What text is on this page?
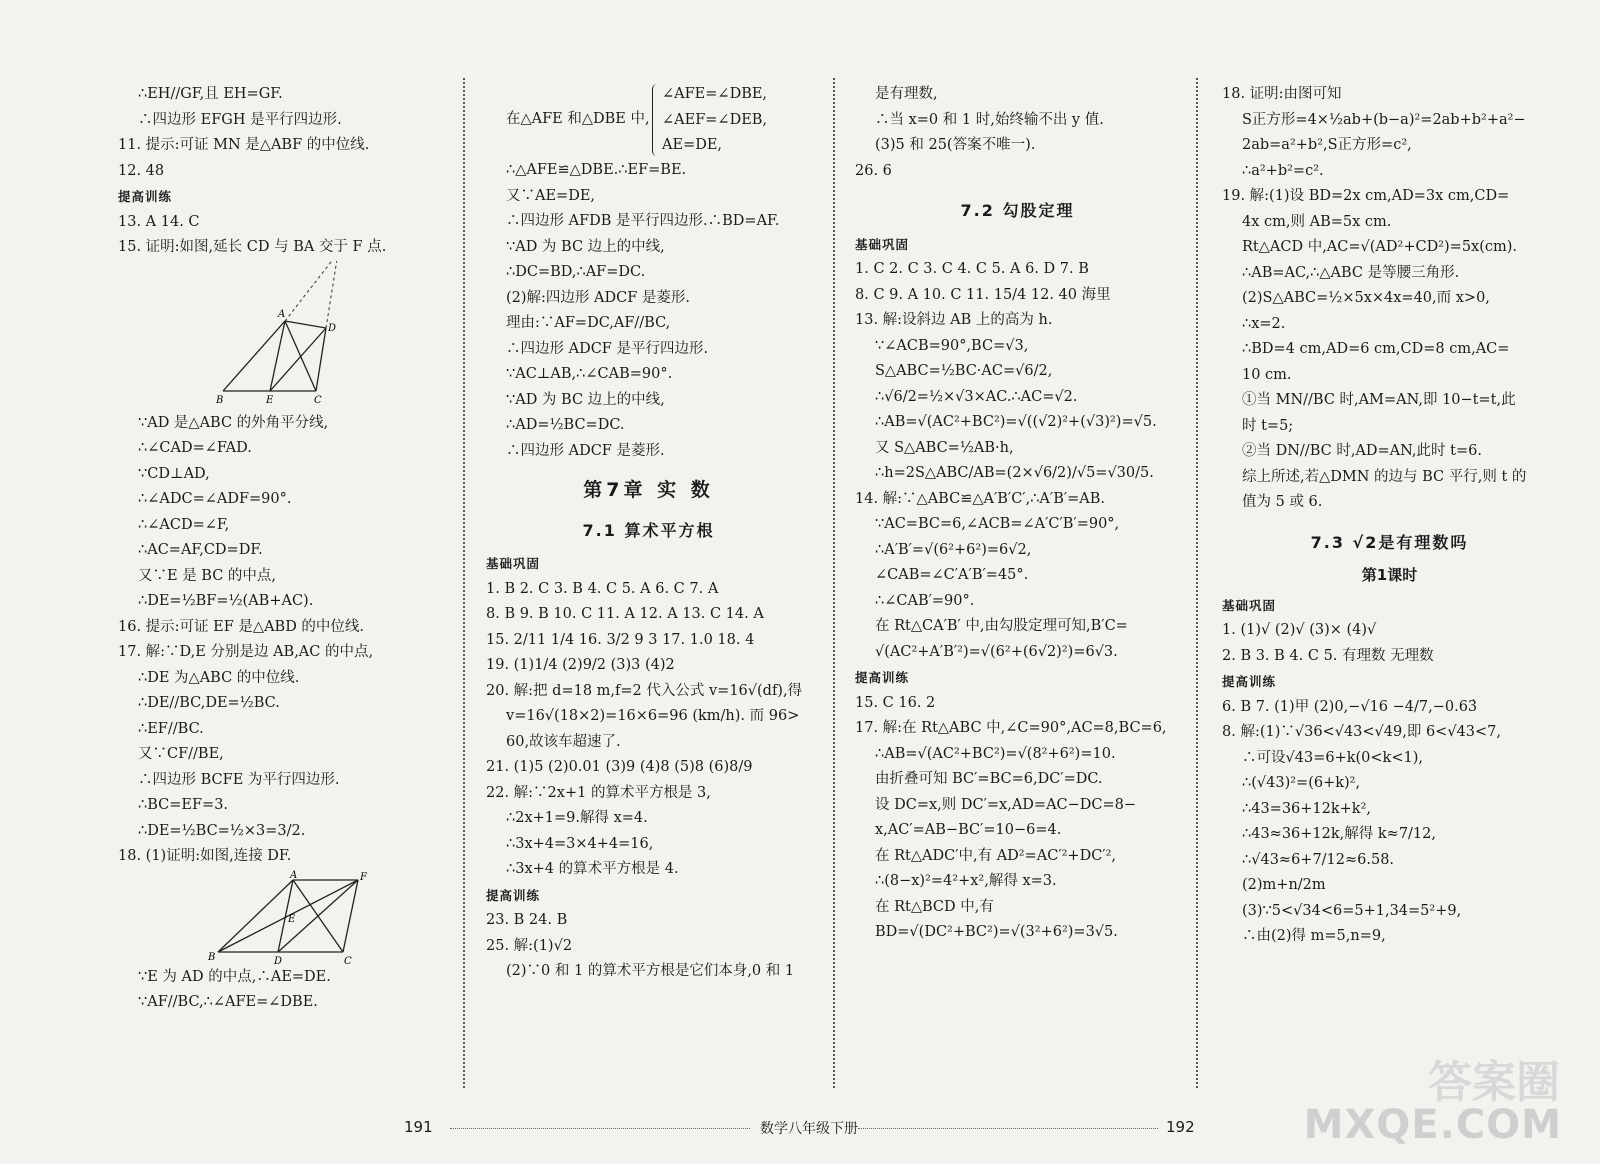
∴EH//GF,且 EH=GF.
∴四边形 EFGH 是平行四边形.
11. 提示:可证 MN 是△ABF 的中位线.
12. 48
提高训练
13. A 14. C
15. 证明:如图,延长 CD 与 BA 交于 F 点.
A
B	E	C
D
∵AD 是△ABC 的外角平分线,
∴∠CAD=∠FAD.
∵CD⊥AD,
∴∠ADC=∠ADF=90°.
∴∠ACD=∠F,
∴AC=AF,CD=DF.
又∵E 是 BC 的中点,
∴DE=½BF=½(AB+AC).
16. 提示:可证 EF 是△ABD 的中位线.
17. 解:∵D,E 分别是边 AB,AC 的中点,
∴DE 为△ABC 的中位线.
∴DE//BC,DE=½BC.
∴EF//BC.
又∵CF//BE,
∴四边形 BCFE 为平行四边形.
∴BC=EF=3.
∴DE=½BC=½×3=3/2.
18. (1)证明:如图,连接 DF.
A	F
E
B	D	C
∵E 为 AD 的中点,∴AE=DE.
∵AF//BC,∴∠AFE=∠DBE.
在△AFE 和△DBE 中,
∠AFE=∠DBE,
∠AEF=∠DEB,
AE=DE,
∴△AFE≌△DBE.∴EF=BE.
又∵AE=DE,
∴四边形 AFDB 是平行四边形.∴BD=AF.
∵AD 为 BC 边上的中线,
∴DC=BD,∴AF=DC.
(2)解:四边形 ADCF 是菱形.
理由:∵AF=DC,AF//BC,
∴四边形 ADCF 是平行四边形.
∵AC⊥AB,∴∠CAB=90°.
∵AD 为 BC 边上的中线,
∴AD=½BC=DC.
∴四边形 ADCF 是菱形.
第7章 实 数
7.1 算术平方根
基础巩固
1. B 2. C 3. B 4. C 5. A 6. C 7. A
8. B 9. B 10. C 11. A 12. A 13. C 14. A
15. 2/11 1/4 16. 3/2 9 3 17. 1.0 18. 4
19. (1)1/4 (2)9/2 (3)3 (4)2
20. 解:把 d=18 m,f=2 代入公式 v=16√(df),得
v=16√(18×2)=16×6=96 (km/h). 而 96>
60,故该车超速了.
21. (1)5 (2)0.01 (3)9 (4)8 (5)8 (6)8/9
22. 解:∵2x+1 的算术平方根是 3,
∴2x+1=9.解得 x=4.
∴3x+4=3×4+4=16,
∴3x+4 的算术平方根是 4.
提高训练
23. B 24. B
25. 解:(1)√2
(2)∵0 和 1 的算术平方根是它们本身,0 和 1
是有理数,
∴当 x=0 和 1 时,始终输不出 y 值.
(3)5 和 25(答案不唯一).
26. 6
7.2 勾股定理
基础巩固
1. C 2. C 3. C 4. C 5. A 6. D 7. B
8. C 9. A 10. C 11. 15/4 12. 40 海里
13. 解:设斜边 AB 上的高为 h.
∵∠ACB=90°,BC=√3,
S△ABC=½BC·AC=√6/2,
∴√6/2=½×√3×AC.∴AC=√2.
∴AB=√(AC²+BC²)=√((√2)²+(√3)²)=√5.
又 S△ABC=½AB·h,
∴h=2S△ABC/AB=(2×√6/2)/√5=√30/5.
14. 解:∵△ABC≌△A′B′C′,∴A′B′=AB.
∵AC=BC=6,∠ACB=∠A′C′B′=90°,
∴A′B′=√(6²+6²)=6√2,
∠CAB=∠C′A′B′=45°.
∴∠CAB′=90°.
在 Rt△CA′B′ 中,由勾股定理可知,B′C=
√(AC²+A′B′²)=√(6²+(6√2)²)=6√3.
提高训练
15. C 16. 2
17. 解:在 Rt△ABC 中,∠C=90°,AC=8,BC=6,
∴AB=√(AC²+BC²)=√(8²+6²)=10.
由折叠可知 BC′=BC=6,DC′=DC.
设 DC=x,则 DC′=x,AD=AC−DC=8−
x,AC′=AB−BC′=10−6=4.
在 Rt△ADC′中,有 AD²=AC′²+DC′²,
∴(8−x)²=4²+x²,解得 x=3.
在 Rt△BCD 中,有
BD=√(DC²+BC²)=√(3²+6²)=3√5.
18. 证明:由图可知
S正方形=4×½ab+(b−a)²=2ab+b²+a²−
2ab=a²+b²,S正方形=c²,
∴a²+b²=c².
19. 解:(1)设 BD=2x cm,AD=3x cm,CD=
4x cm,则 AB=5x cm.
Rt△ACD 中,AC=√(AD²+CD²)=5x(cm).
∴AB=AC,∴△ABC 是等腰三角形.
(2)S△ABC=½×5x×4x=40,而 x>0,
∴x=2.
∴BD=4 cm,AD=6 cm,CD=8 cm,AC=
10 cm.
①当 MN//BC 时,AM=AN,即 10−t=t,此
时 t=5;
②当 DN//BC 时,AD=AN,此时 t=6.
综上所述,若△DMN 的边与 BC 平行,则 t 的
值为 5 或 6.
7.3 √2是有理数吗
第1课时
基础巩固
1. (1)√ (2)√ (3)× (4)√
2. B 3. B 4. C 5. 有理数 无理数
提高训练
6. B 7. (1)甲 (2)0,−√16 −4/7,−0.63̇
8. 解:(1)∵√36<√43<√49,即 6<√43<7,
∴可设√43=6+k(0<k<1),
∴(√43)²=(6+k)²,
∴43=36+12k+k²,
∴43≈36+12k,解得 k≈7/12,
∴√43≈6+7/12≈6.58.
(2)m+n/2m
(3)∵5<√34<6=5+1,34=5²+9,
∴由(2)得 m=5,n=9,
191	数学八年级下册	192
答案圈
MXQE.COM
